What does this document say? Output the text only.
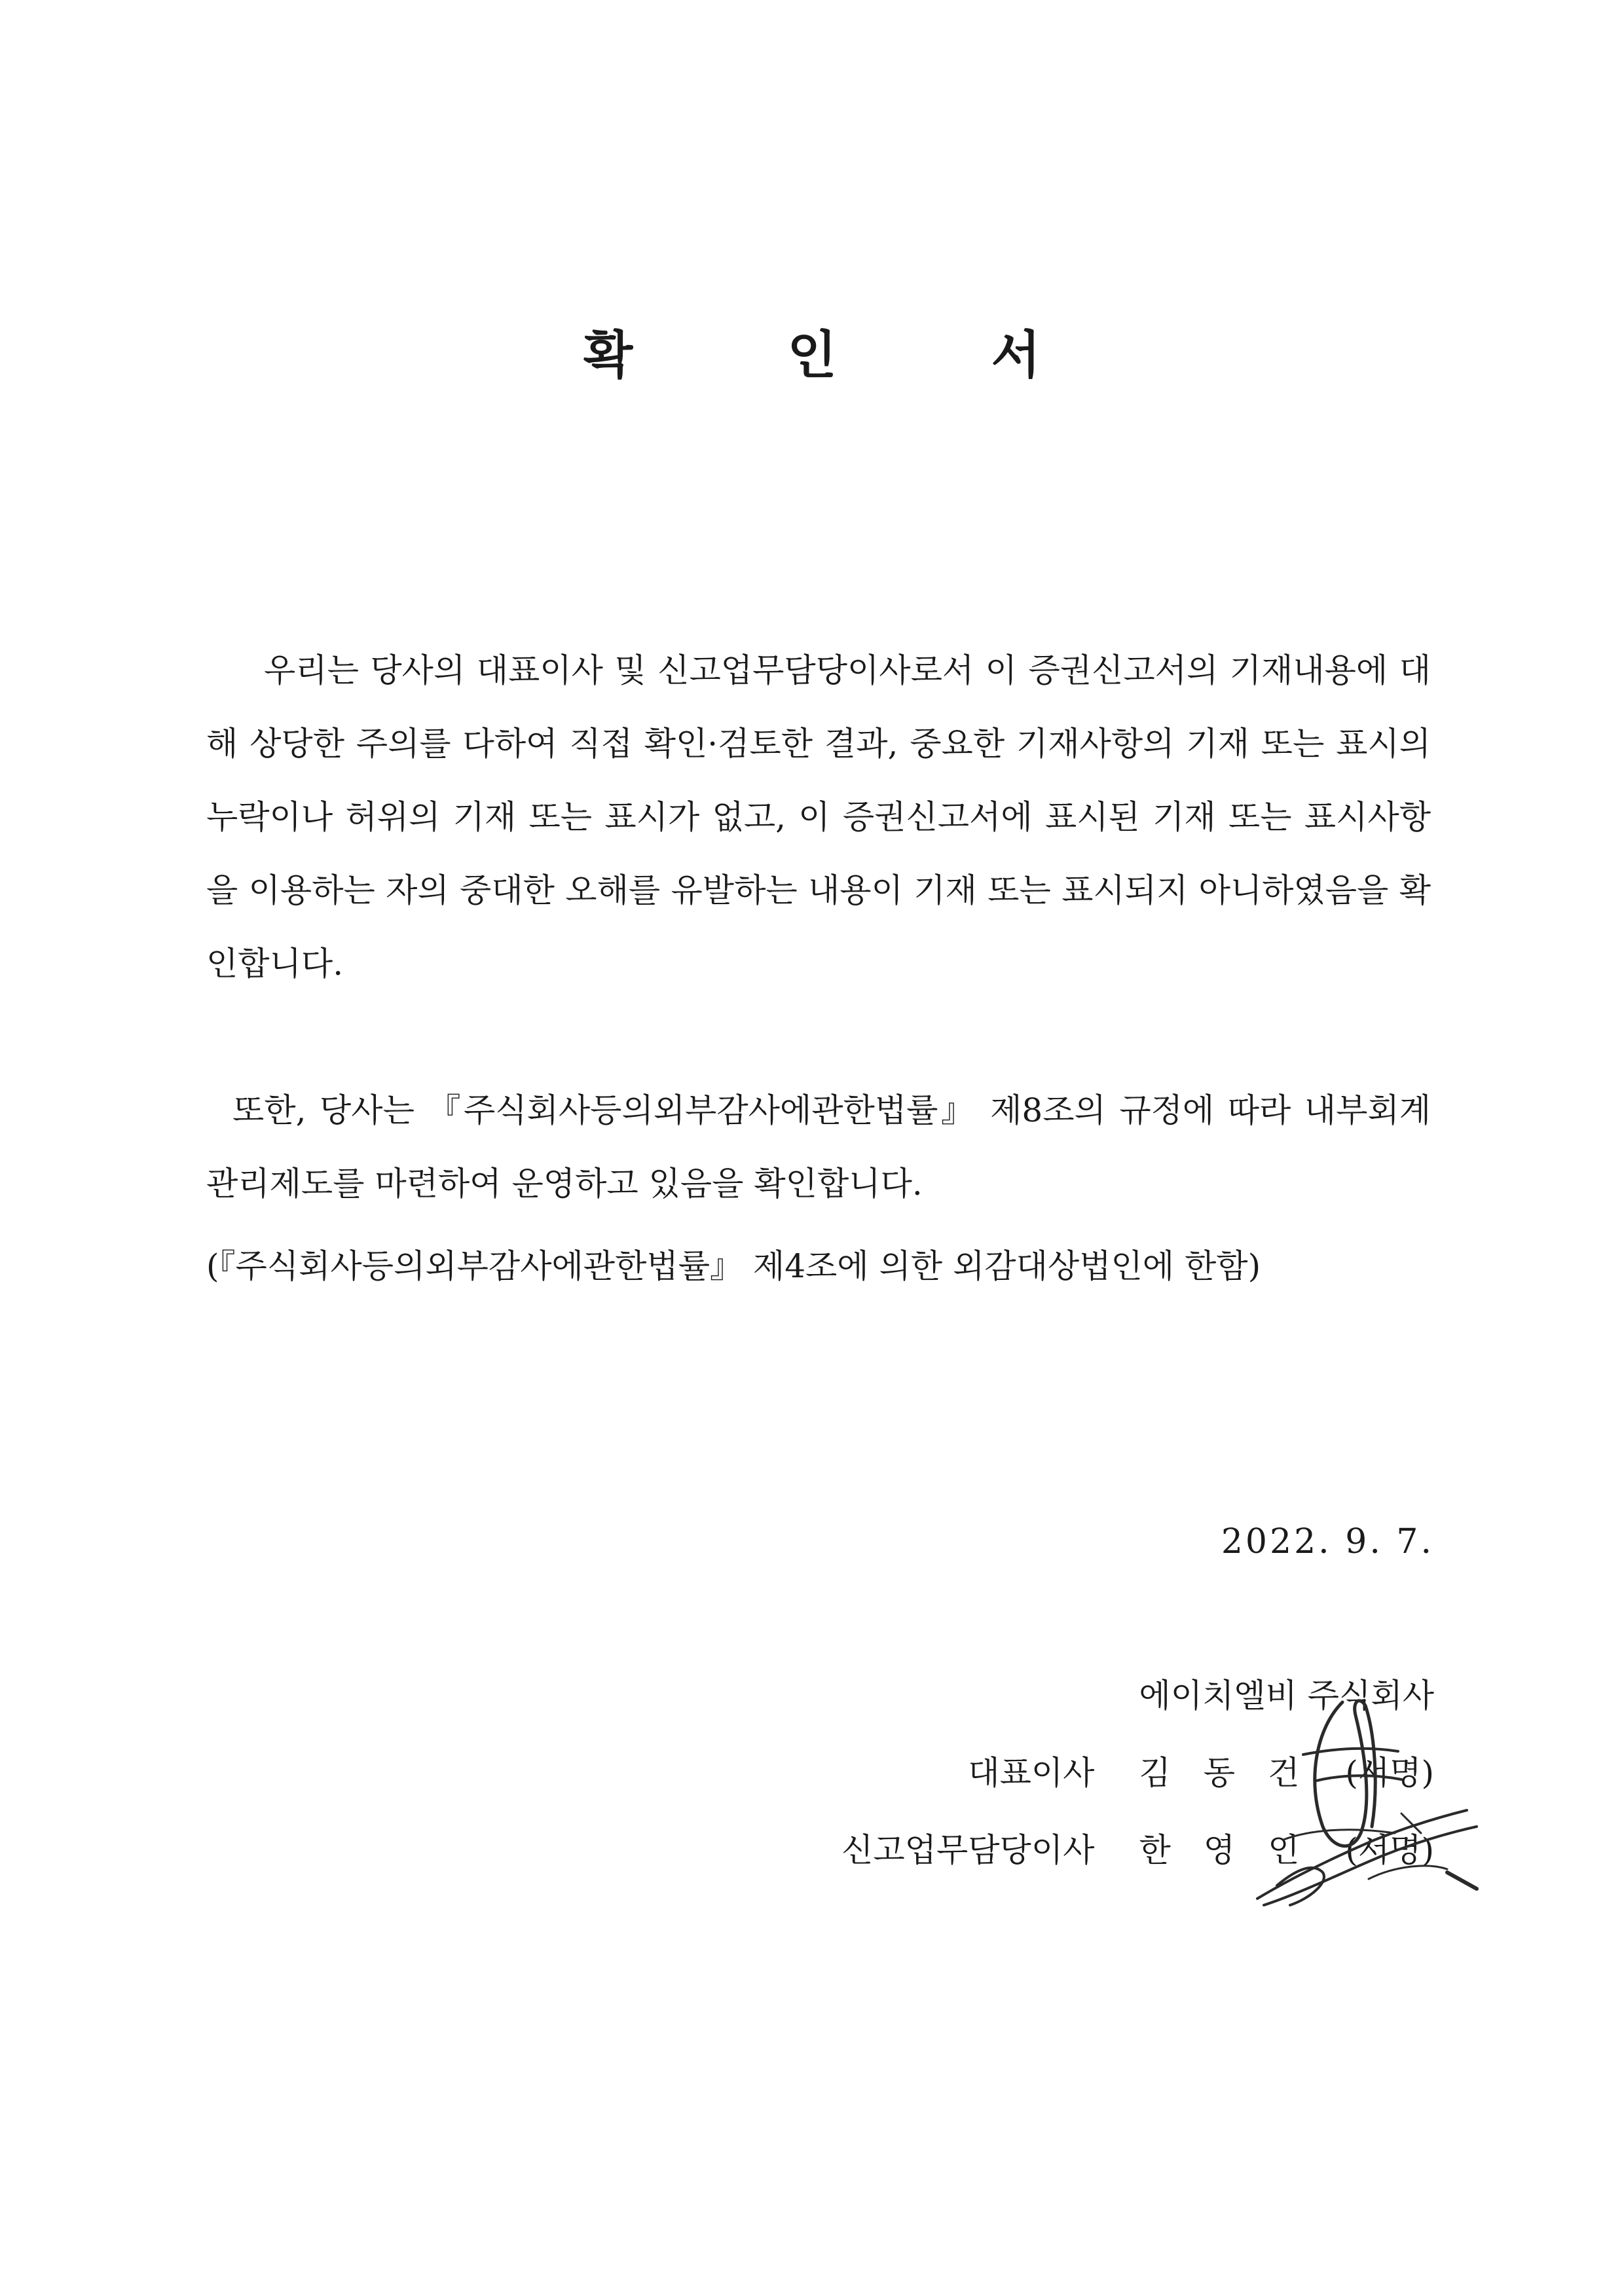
확	인	서
우리는 당사의 대표이사 및 신고업무담당이사로서 이 증권신고서의 기재내용에 대해 상당한 주의를 다하여 직접 확인·검토한 결과, 중요한 기재사항의 기재 또는 표시의 누락이나 허위의 기재 또는 표시가 없고, 이 증권신고서에 표시된 기재 또는 표시사항을 이용하는 자의 중대한 오해를 유발하는 내용이 기재 또는 표시되지 아니하였음을 확인합니다.
또한, 당사는 『주식회사등의외부감사에관한법률』 제8조의 규정에 따라 내부회계관리제도를 마련하여 운영하고 있음을 확인합니다.
(『주식회사등의외부감사에관한법률』 제4조에 의한 외감대상법인에 한함)
2022. 9. 7.
에이치엘비 주식회사
대표이사 김동건 (서명)
신고업무담당이사 한영인 (서명)
